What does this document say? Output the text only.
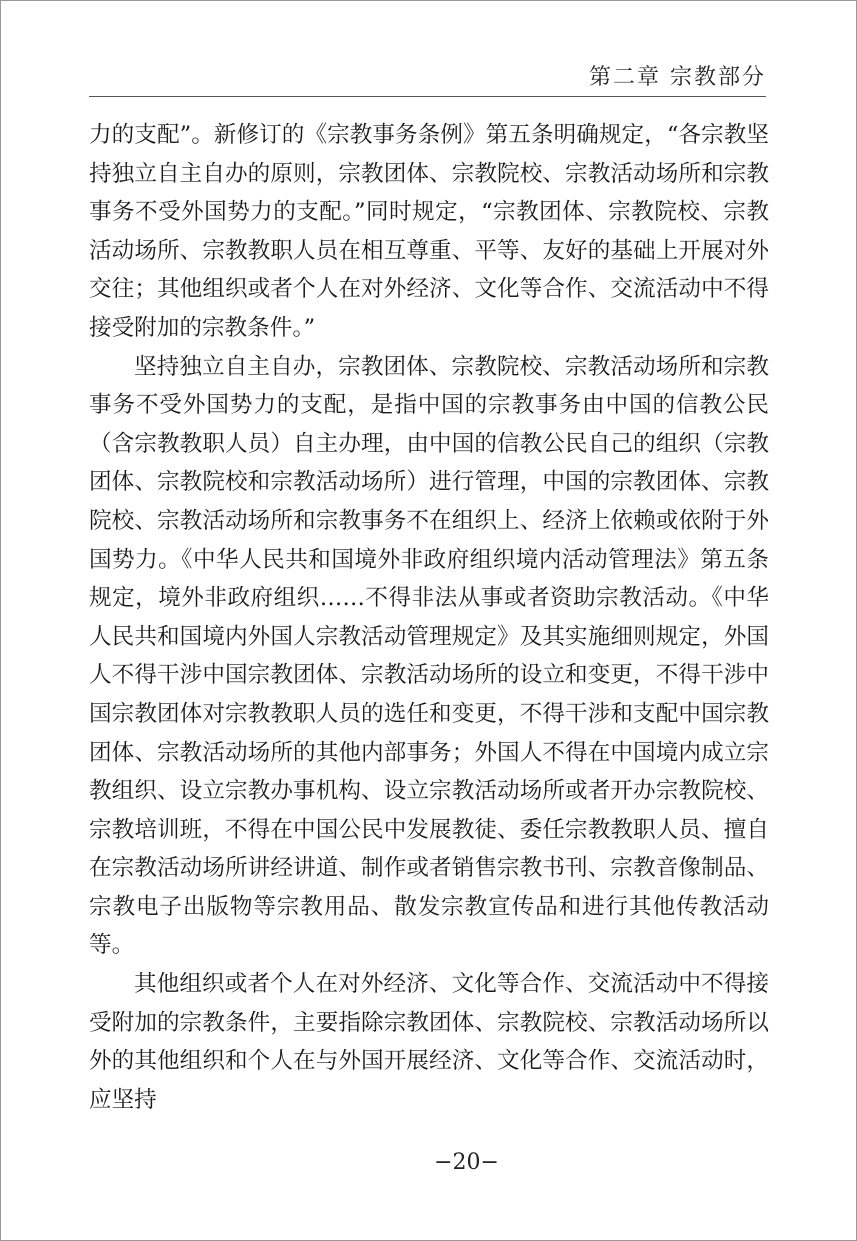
第二章 宗教部分

力的支配”。新修订的《宗教事务条例》第五条明确规定，“各宗教坚持独立自主自办的原则，宗教团体、宗教院校、宗教活动场所和宗教事务不受外国势力的支配。”同时规定，“宗教团体、宗教院校、宗教活动场所、宗教教职人员在相互尊重、平等、友好的基础上开展对外交往；其他组织或者个人在对外经济、文化等合作、交流活动中不得接受附加的宗教条件。”

坚持独立自主自办，宗教团体、宗教院校、宗教活动场所和宗教事务不受外国势力的支配，是指中国的宗教事务由中国的信教公民（含宗教教职人员）自主办理，由中国的信教公民自己的组织（宗教团体、宗教院校和宗教活动场所）进行管理，中国的宗教团体、宗教院校、宗教活动场所和宗教事务不在组织上、经济上依赖或依附于外国势力。《中华人民共和国境外非政府组织境内活动管理法》第五条规定，境外非政府组织……不得非法从事或者资助宗教活动。《中华人民共和国境内外国人宗教活动管理规定》及其实施细则规定，外国人不得干涉中国宗教团体、宗教活动场所的设立和变更，不得干涉中国宗教团体对宗教教职人员的选任和变更，不得干涉和支配中国宗教团体、宗教活动场所的其他内部事务；外国人不得在中国境内成立宗教组织、设立宗教办事机构、设立宗教活动场所或者开办宗教院校、宗教培训班，不得在中国公民中发展教徒、委任宗教教职人员、擅自在宗教活动场所讲经讲道、制作或者销售宗教书刊、宗教音像制品、宗教电子出版物等宗教用品、散发宗教宣传品和进行其他传教活动等。

其他组织或者个人在对外经济、文化等合作、交流活动中不得接受附加的宗教条件，主要指除宗教团体、宗教院校、宗教活动场所以外的其他组织和个人在与外国开展经济、文化等合作、交流活动时，应坚持

−20−
